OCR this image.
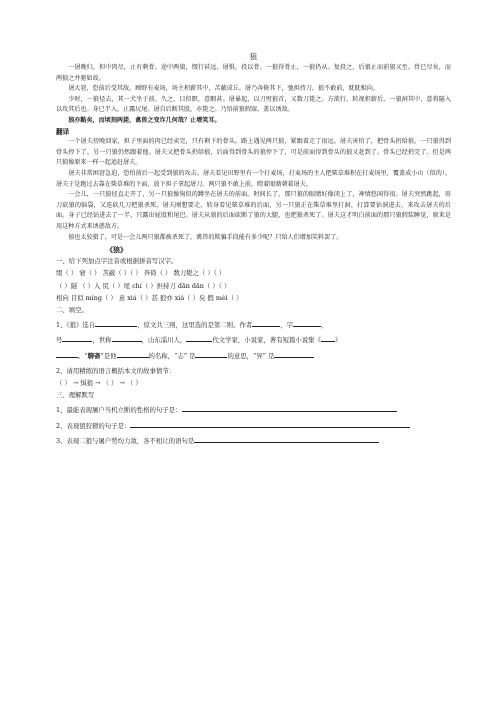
狼

一屠晚归，担中肉尽，止有剩骨。途中两狼，缀行甚远。屠惧，投以骨。一狼得骨止，一狼仍从。复投之，后狼止而前狼又至。骨已尽矣，而两狼之并驱如故。

屠大窘，恐前后受其敌。顾野有麦场，场主积薪其中，苫蔽成丘。屠乃奔倚其下，弛担持刀。狼不敢前，眈眈相向。

少时，一狼径去，其一犬坐于前。久之，目似瞑，意暇甚。屠暴起，以刀劈狼首，又数刀毙之。方欲行，转视积薪后，一狼洞其中，意将隧入以攻其后也。身已半入，止露尻尾。屠自后断其股，亦毙之。乃悟前狼假寐，盖以诱敌。

狼亦黠矣，而顷刻两毙，禽兽之变诈几何哉？止增笑耳。

翻译

一个屠夫傍晚回家，担子里面的肉已经卖完，只有剩下的骨头。路上遇见两只狼，紧跟着走了很远。屠夫害怕了，把骨头扔给狼。一只狼得到骨头停下了。另一只狼仍然跟着他。屠夫又把骨头扔给狼，后面得到骨头的狼停下了，可是前面得到骨头的狼又赶到了。骨头已经扔完了。但是两只狼像原来一样一起追赶屠夫。

屠夫非常困窘急迫，恐怕前后一起受到狼的攻击。屠夫看见田野里有一个打麦场，打麦场的主人把柴草堆积在打麦场里，覆盖成小山（似的）。屠夫于是跑过去靠在柴草堆的下面，放下担子拿起屠刀。两只狼不敢上前，瞪着眼睛朝着屠夫。

一会儿，一只狼径直走开了，另一只狼像狗似的蹲坐在屠夫的前面。时间长了，那只狼的眼睛好像闭上了，神情悠闲得很。屠夫突然跳起，用刀砍狼的脑袋，又连砍几刀把狼杀死。屠夫刚想要走，转身看见柴草堆的后面，另一只狼正在柴草堆里打洞，打算要钻洞进去，来攻击屠夫的后面。身子已经钻进去了一半，只露出屁股和尾巴。屠夫从狼的后面砍断了狼的大腿，也把狼杀死了。屠夫这才明白前面的那只狼假装睡觉，原来是用这种方式来诱惑敌方。

狼也太狡猾了，可是一会儿两只狼都被杀死了，禽兽的欺骗手段能有多少呢？只给人们增加笑料罢了。

《狼》

一、给下列加点字注音或根据拼音写汉字。

缀（ ） 窘（ ） 苫蔽（ ）（ ） 奔倚（ ） 数刀毙之（ ）（ ）

（ ）隧 （ ）入 尻（ ）尾 chí（ ）担持刀 dān dān（ ）（ ）

相向 目似 míng（ ） 意 xiá（ ）甚 狼亦 xiá（ ）矣 假 mèi（ ）

二、填空。

1、《狼》选自	，原文共三则，这里选的是第二则。作者	，字	，

号	，世称	，山东淄川人，	代文学家，小说家，著有短篇小说集《 》

。“聊斋”是他	的名称，“志” 是	的意思，“异” 是

2、请用精练的语言概括本文的故事情节：

（ ） → 惧狼 → （ ） → （ ）

三、理解默写

1、最能表现屠户当机立断的性格的句子是：

2、表现狼狡猾的句子是：

3、表现二狼与屠户势均力敌，各不相让的语句是
